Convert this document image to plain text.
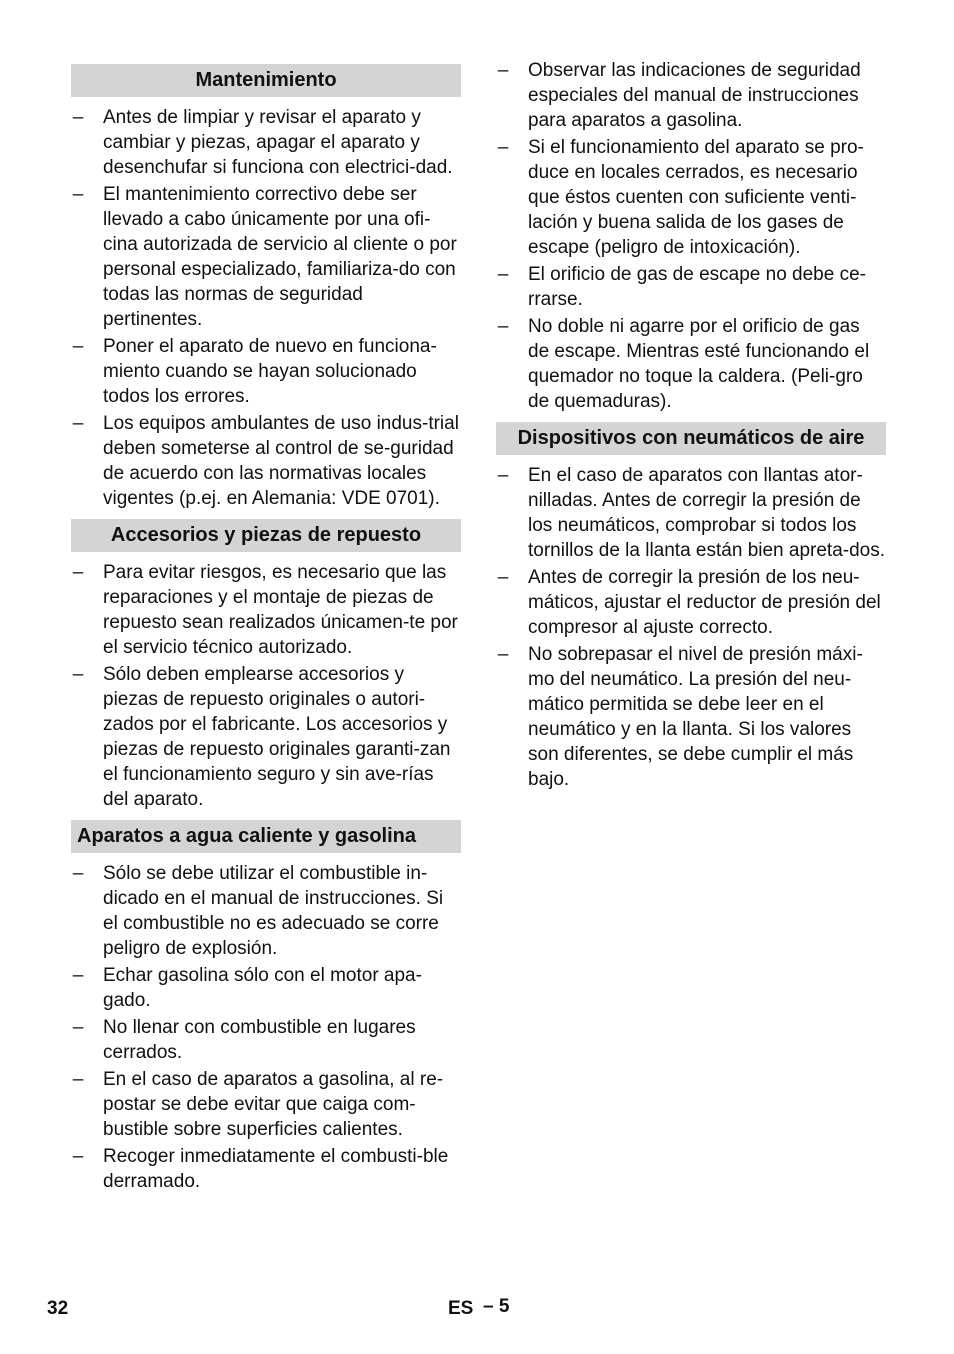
Mantenimiento
– Antes de limpiar y revisar el aparato y cambiar y piezas, apagar el aparato y desenchufar si funciona con electrici-dad.
– El mantenimiento correctivo debe ser llevado a cabo únicamente por una ofi-cina autorizada de servicio al cliente o por personal especializado, familiariza-do con todas las normas de seguridad pertinentes.
– Poner el aparato de nuevo en funciona-miento cuando se hayan solucionado todos los errores.
– Los equipos ambulantes de uso indus-trial deben someterse al control de se-guridad de acuerdo con las normativas locales vigentes (p.ej. en Alemania: VDE 0701).
Accesorios y piezas de repuesto
– Para evitar riesgos, es necesario que las reparaciones y el montaje de piezas de repuesto sean realizados únicamen-te por el servicio técnico autorizado.
– Sólo deben emplearse accesorios y piezas de repuesto originales o autori-zados por el fabricante. Los accesorios y piezas de repuesto originales garanti-zan el funcionamiento seguro y sin ave-rías del aparato.
Aparatos a agua caliente y gasolina
– Sólo se debe utilizar el combustible in-dicado en el manual de instrucciones. Si el combustible no es adecuado se corre peligro de explosión.
– Echar gasolina sólo con el motor apa-gado.
– No llenar con combustible en lugares cerrados.
– En el caso de aparatos a gasolina, al re-postar se debe evitar que caiga com-bustible sobre superficies calientes.
– Recoger inmediatamente el combusti-ble derramado.
– Observar las indicaciones de seguridad especiales del manual de instrucciones para aparatos a gasolina.
– Si el funcionamiento del aparato se pro-duce en locales cerrados, es necesario que éstos cuenten con suficiente venti-lación y buena salida de los gases de escape (peligro de intoxicación).
– El orificio de gas de escape no debe ce-rrarse.
– No doble ni agarre por el orificio de gas de escape. Mientras esté funcionando el quemador no toque la caldera. (Peli-gro de quemaduras).
Dispositivos con neumáticos de aire
– En el caso de aparatos con llantas ator-nilladas. Antes de corregir la presión de los neumáticos, comprobar si todos los tornillos de la llanta están bien apreta-dos.
– Antes de corregir la presión de los neu-máticos, ajustar el reductor de presión del compresor al ajuste correcto.
– No sobrepasar el nivel de presión máxi-mo del neumático. La presión del neu-mático permitida se debe leer en el neumático y en la llanta. Si los valores son diferentes, se debe cumplir el más bajo.
32	ES – 5
